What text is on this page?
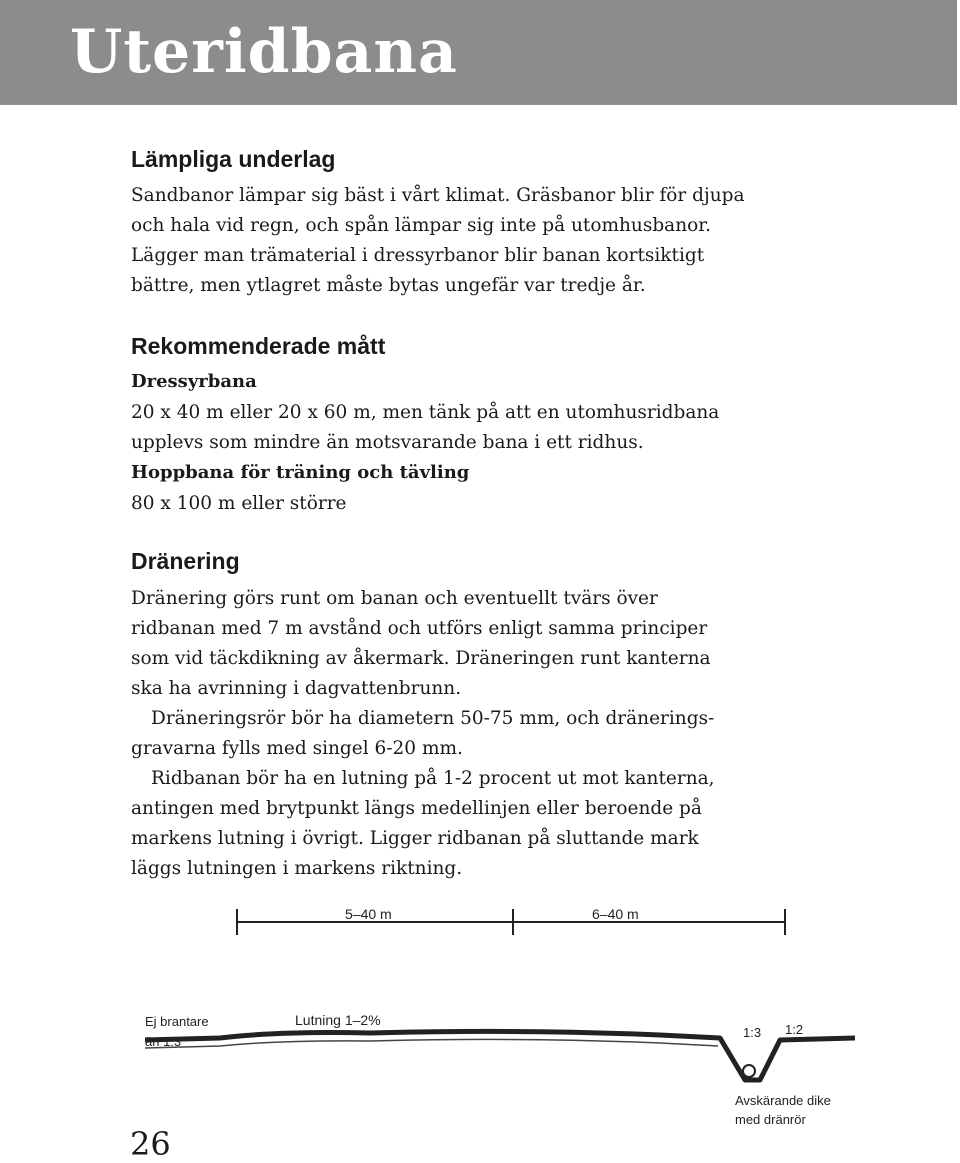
Uteridbana
Lämpliga underlag

Sandbanor lämpar sig bäst i vårt klimat. Gräsbanor blir för djupa
och hala vid regn, och spån lämpar sig inte på utomhusbanor.
Lägger man trämaterial i dressyrbanor blir banan kortsiktigt
bättre, men ytlagret måste bytas ungefär var tredje år.

Rekommenderade mått
Dressyrbana

20 x 40 m eller 20 x 60 m, men tänk på att en utomhusridbana
upplevs som mindre än motsvarande bana i ett ridhus.

Hoppbana för träning och tävling

80 x 100 m eller större

Dränering

Dränering görs runt om banan och eventuellt tvärs över
ridbanan med 7 m avstånd och utförs enligt samma principer
som vid täckdikning av åkermark. Dräneringen runt kanterna
ska ha avrinning i dagvattenbrunn.

Dräneringsrör bör ha diametern 50-75 mm, och dränerings-
gravarna fylls med singel 6-20 mm.

Ridbanan bör ha en lutning på 1-2 procent ut mot kanterna,
antingen med brytpunkt längs medellinjen eller beroende på
markens lutning i övrigt. Ligger ridbanan på sluttande mark
läggs lutningen i markens riktning.

5–40 m	6–40 m
Ej brantare
än 1:3
Lutning 1–2%
1:3 1:2
Avskärande dike
med dränrör
26
